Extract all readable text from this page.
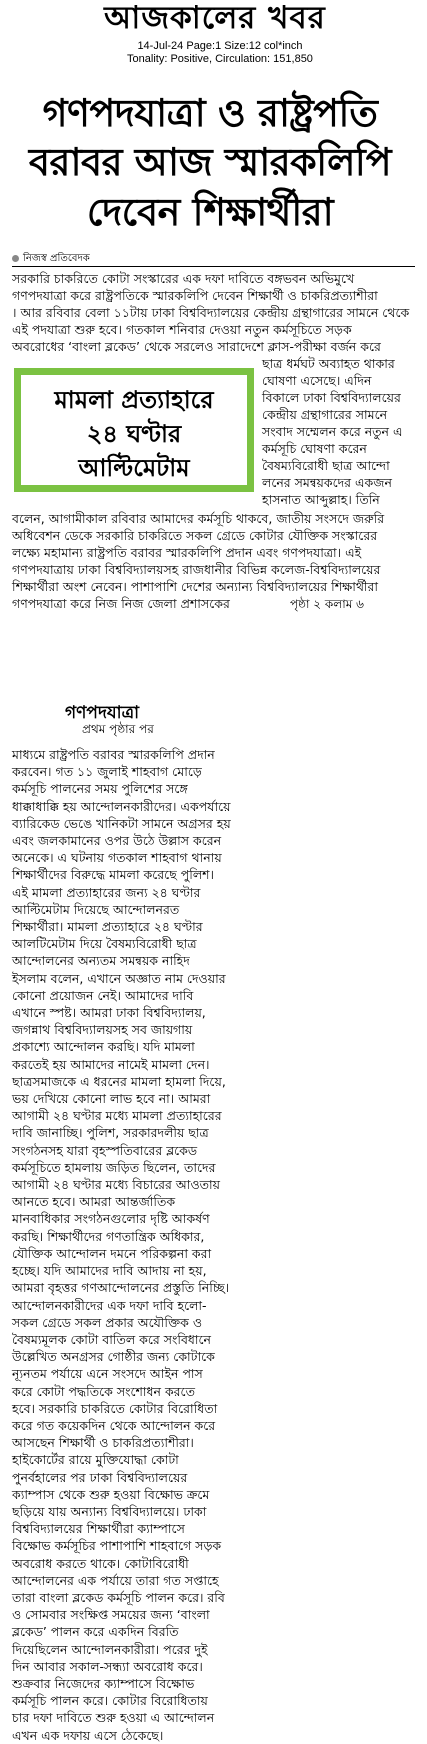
আজকালের খবর
14-Jul-24 Page:1 Size:12 col*inch
Tonality: Positive, Circulation: 151,850
গণপদযাত্রা ও রাষ্ট্রপতি
বরাবর আজ স্মারকলিপি
দেবেন শিক্ষার্থীরা
নিজস্ব প্রতিবেদক
সরকারি চাকরিতে কোটা সংস্কারের এক দফা দাবিতে বঙ্গভবন অভিমুখে
গণপদযাত্রা করে রাষ্ট্রপতিকে স্মারকলিপি দেবেন শিক্ষার্থী ও চাকরিপ্রত্যাশীরা
। আর রবিবার বেলা ১১টায় ঢাকা বিশ্ববিদ্যালয়ের কেন্দ্রীয় গ্রন্থাগারের সামনে থেকে
এই পদযাত্রা শুরু হবে। গতকাল শনিবার দেওয়া নতুন কর্মসূচিতে সড়ক
অবরোধের ‘বাংলা ব্লকেড’ থেকে সরলেও সারাদেশে ক্লাস-পরীক্ষা বর্জন করে
মামলা প্রত্যাহারে
২৪ ঘণ্টার
আল্টিমেটাম
ছাত্র ধর্মঘট অব্যাহত থাকার
ঘোষণা এসেছে। এদিন
বিকালে ঢাকা বিশ্ববিদ্যালয়ের
কেন্দ্রীয় গ্রন্থাগারের সামনে
সংবাদ সম্মেলন করে নতুন এ
কর্মসূচি ঘোষণা করেন
বৈষম্যবিরোধী ছাত্র আন্দো
লনের সমন্বয়কদের একজন
হাসনাত আব্দুল্লাহ। তিনি
বলেন, আগামীকাল রবিবার আমাদের কর্মসূচি থাকবে, জাতীয় সংসদে জরুরি
অধিবেশন ডেকে সরকারি চাকরিতে সকল গ্রেডে কোটার যৌক্তিক সংস্কারের
লক্ষ্যে মহামান্য রাষ্ট্রপতি বরাবর স্মারকলিপি প্রদান এবং গণপদযাত্রা। এই
গণপদযাত্রায় ঢাকা বিশ্ববিদ্যালয়সহ রাজধানীর বিভিন্ন কলেজ-বিশ্ববিদ্যালয়ের
শিক্ষার্থীরা অংশ নেবেন। পাশাপাশি দেশের অন্যান্য বিশ্ববিদ্যালয়ের শিক্ষার্থীরা
গণপদযাত্রা করে নিজ নিজ জেলা প্রশাসকের	পৃষ্ঠা ২ কলাম ৬
গণপদযাত্রা
প্রথম পৃষ্ঠার পর
মাধ্যমে রাষ্ট্রপতি বরাবর স্মারকলিপি প্রদান
করবেন। গত ১১ জুলাই শাহবাগ মোড়ে
কর্মসূচি পালনের সময় পুলিশের সঙ্গে
ধাক্কাধাক্কি হয় আন্দোলনকারীদের। একপর্যায়ে
ব্যারিকেড ভেঙে খানিকটা সামনে অগ্রসর হয়
এবং জলকামানের ওপর উঠে উল্লাস করেন
অনেকে। এ ঘটনায় গতকাল শাহবাগ থানায়
শিক্ষার্থীদের বিরুদ্ধে মামলা করেছে পুলিশ।
এই মামলা প্রত্যাহারের জন্য ২৪ ঘণ্টার
আল্টিমেটাম দিয়েছে আন্দোলনরত
শিক্ষার্থীরা। মামলা প্রত্যাহারে ২৪ ঘণ্টার
আলটিমেটাম দিয়ে বৈষম্যবিরোধী ছাত্র
আন্দোলনের অন্যতম সমন্বয়ক নাহিদ
ইসলাম বলেন, এখানে অজ্ঞাত নাম দেওয়ার
কোনো প্রয়োজন নেই। আমাদের দাবি
এখানে স্পষ্ট। আমরা ঢাকা বিশ্ববিদ্যালয়,
জগন্নাথ বিশ্ববিদ্যালয়সহ সব জায়গায়
প্রকাশ্যে আন্দোলন করছি। যদি মামলা
করতেই হয় আমাদের নামেই মামলা দেন।
ছাত্রসমাজকে এ ধরনের মামলা হামলা দিয়ে,
ভয় দেখিয়ে কোনো লাভ হবে না। আমরা
আগামী ২৪ ঘণ্টার মধ্যে মামলা প্রত্যাহারের
দাবি জানাচ্ছি। পুলিশ, সরকারদলীয় ছাত্র
সংগঠনসহ যারা বৃহস্পতিবারের ব্লকেড
কর্মসূচিতে হামলায় জড়িত ছিলেন, তাদের
আগামী ২৪ ঘণ্টার মধ্যে বিচারের আওতায়
আনতে হবে। আমরা আন্তর্জাতিক
মানবাধিকার সংগঠনগুলোর দৃষ্টি আকর্ষণ
করছি। শিক্ষার্থীদের গণতান্ত্রিক অধিকার,
যৌক্তিক আন্দোলন দমনে পরিকল্পনা করা
হচ্ছে। যদি আমাদের দাবি আদায় না হয়,
আমরা বৃহত্তর গণআন্দোলনের প্রস্তুতি নিচ্ছি।
আন্দোলনকারীদের এক দফা দাবি হলো-
সকল গ্রেডে সকল প্রকার অযৌক্তিক ও
বৈষম্যমূলক কোটা বাতিল করে সংবিধানে
উল্লেখিত অনগ্রসর গোষ্ঠীর জন্য কোটাকে
ন্যূনতম পর্যায়ে এনে সংসদে আইন পাস
করে কোটা পদ্ধতিকে সংশোধন করতে
হবে। সরকারি চাকরিতে কোটার বিরোধিতা
করে গত কয়েকদিন থেকে আন্দোলন করে
আসছেন শিক্ষার্থী ও চাকরিপ্রত্যাশীরা।
হাইকোর্টের রায়ে মুক্তিযোদ্ধা কোটা
পুনর্বহালের পর ঢাকা বিশ্ববিদ্যালয়ের
ক্যাম্পাস থেকে শুরু হওয়া বিক্ষোভ ক্রমে
ছড়িয়ে যায় অন্যান্য বিশ্ববিদ্যালয়ে। ঢাকা
বিশ্ববিদ্যালয়ের শিক্ষার্থীরা ক্যাম্পাসে
বিক্ষোভ কর্মসূচির পাশাপাশি শাহবাগে সড়ক
অবরোধ করতে থাকে। কোটাবিরোধী
আন্দোলনের এক পর্যায়ে তারা গত সপ্তাহে
তারা বাংলা ব্লকেড কর্মসূচি পালন করে। রবি
ও সোমবার সংক্ষিপ্ত সময়ের জন্য ‘বাংলা
ব্লকেড’ পালন করে একদিন বিরতি
দিয়েছিলেন আন্দোলনকারীরা। পরের দুই
দিন আবার সকাল-সন্ধ্যা অবরোধ করে।
শুক্রবার নিজেদের ক্যাম্পাসে বিক্ষোভ
কর্মসূচি পালন করে। কোটার বিরোধিতায়
চার দফা দাবিতে শুরু হওয়া এ আন্দোলন
এখন এক দফায় এসে ঠেকেছে।
